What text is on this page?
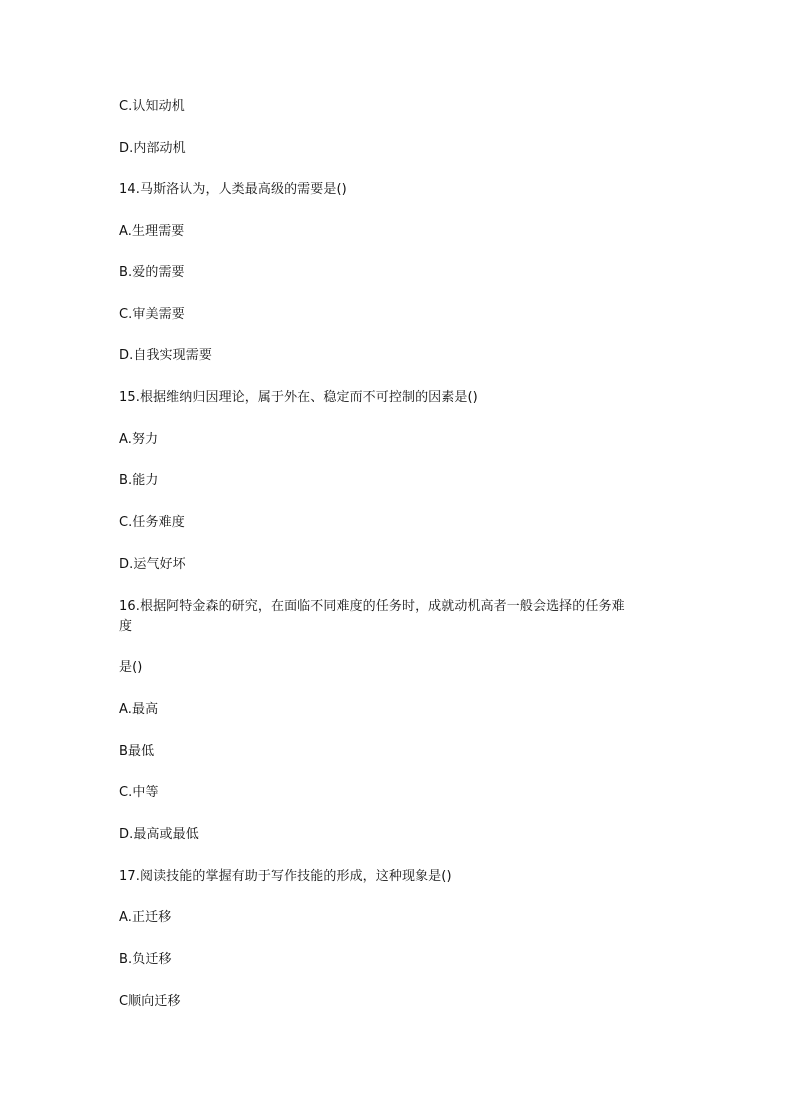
C.认知动机
D.内部动机
14.马斯洛认为，人类最高级的需要是()
A.生理需要
B.爱的需要
C.审美需要
D.自我实现需要
15.根据维纳归因理论，属于外在、稳定而不可控制的因素是()
A.努力
B.能力
C.任务难度
D.运气好坏
16.根据阿特金森的研究，在面临不同难度的任务时，成就动机高者一般会选择的任务难
度
是()
A.最高
B最低
C.中等
D.最高或最低
17.阅读技能的掌握有助于写作技能的形成，这种现象是()
A.正迁移
B.负迁移
C顺向迁移
